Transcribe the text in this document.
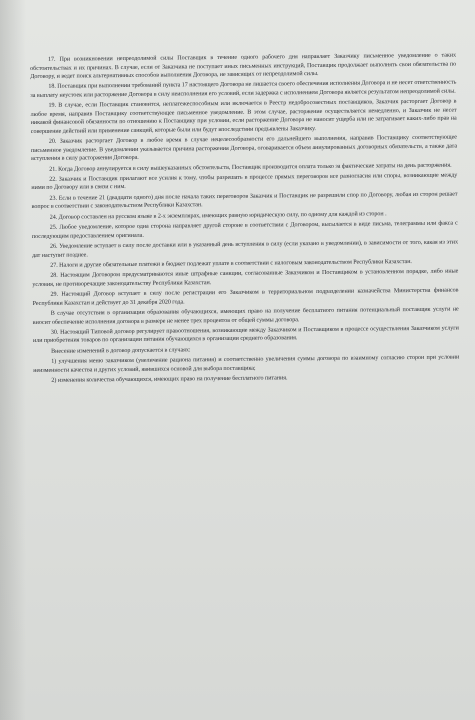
17. При возникновении непреодолимой силы Поставщик в течение одного рабочего дня направляет Заказчику письменное уведомление о таких обстоятельствах и их причинах. В случае, если от Заказчика не поступает иных письменных инструкций, Поставщик продолжает выполнять свои обязательства по Договору, и ведет поиск альтернативных способов выполнения Договора, не зависящих от непреодолимой силы.

18. Поставщик при выполнении требований пункта 17 настоящего Договора не лишается своего обеспечения исполнения Договора и не несет ответственность за выплату неустоек или расторжение Договора в силу неисполнения его условий, если задержка с исполнением Договора является результатом непреодолимой силы.

19. В случае, если Поставщик становится, неплатежеспособным или включается в Реестр недобросовестных поставщиков, Заказчик расторгает Договор в любое время, направив Поставщику соответствующее письменное уведомление. В этом случае, расторжение осуществляется немедленно, и Заказчик не несет никакой финансовой обязанности по отношению к Поставщику при условии, если расторжение Договора не наносит ущерба или не затрагивает каких-либо прав на совершение действий или применение санкций, которые были или будут впоследствии предъявлены Заказчику.

20. Заказчик расторгает Договор в любое время в случае нецелесообразности его дальнейшего выполнения, направив Поставщику соответствующее письменное уведомление. В уведомлении указывается причина расторжения Договора, оговаривается объем аннулированных договорных обязательств, а также дата вступления в силу расторжения Договора.

21. Когда Договор аннулируется в силу вышеуказанных обстоятельств, Поставщик производится оплата только за фактические затраты на день расторжения.

22. Заказчик и Поставщик прилагают все усилия к тому, чтобы разрешать в процессе прямых переговоров все разногласия или споры, возникающие между ними по Договору или в связи с ним.

23. Если в течение 21 (двадцати одного) дня после начала таких переговоров Заказчик и Поставщик не разрешили спор по Договору, любая из сторон решает вопрос в соответствии с законодательством Республики Казахстан.

24. Договор составлен на русском языке в 2-х экземплярах, имеющих равную юридическую силу, по одному для каждой из сторон .

25. Любое уведомление, которое одна сторона направляет другой стороне в соответствии с Договором, высылается в виде письма, телеграммы или факса с последующим предоставлением оригинала.

26. Уведомление вступает в силу после доставки или в указанный день вступления в силу (если указано в уведомлении), в зависимости от того, какая из этих дат наступит позднее.

27. Налоги и другие обязательные платежи в бюджет подлежат уплате в соответствии с налоговым законодательством Республики Казахстан.

28. Настоящим Договором предусматриваются иные штрафные санкции, согласованные Заказчиком и Поставщиком в установленном порядке, либо иные условия, не противоречащие законодательству Республики Казахстан.

29. Настоящий Договор вступает в силу после регистрации его Заказчиком в территориальном подразделении казначейства Министерства финансов Республики Казахстан и действует до 31 декабря 2020 года.

В случае отсутствия в организации образования обучающихся, имеющих право на получение бесплатного питания потенциальный поставщик услуги не вносит обеспечение исполнения договора в размере не менее трех процентов от общей суммы договора.

30. Настоящий Типовой договор регулирует правоотношения, возникающие между Заказчиком и Поставщиком в процессе осуществления Заказчиком услуги или приобретения товаров по организации питания обучающихся в организации среднего образования.

Внесение изменений в договор допускается в случаях:

1) улучшения меню заказчиком (увеличение рациона питания) и соответственно увеличения суммы договора по взаимному согласию сторон при условии неизменности качества и других условий, явившихся основой для выбора поставщика;

2) изменения количества обучающихся, имеющих право на получение бесплатного питания.
